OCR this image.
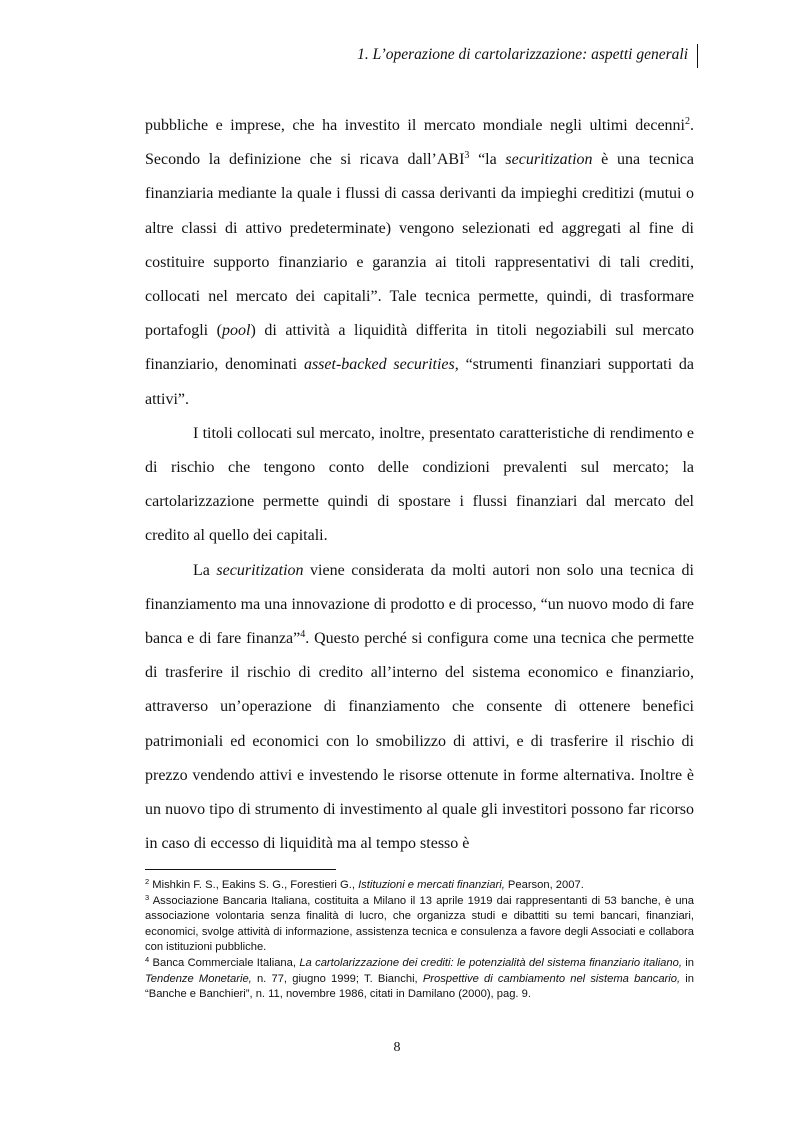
1. L’operazione di cartolarizzazione: aspetti generali

pubbliche e imprese, che ha investito il mercato mondiale negli ultimi decenni$^2$. Secondo la definizione che si ricava dall’ABI$^3$ “la securitization è una tecnica finanziaria mediante la quale i flussi di cassa derivanti da impieghi creditizi (mutui o altre classi di attivo predeterminate) vengono selezionati ed aggregati al fine di costituire supporto finanziario e garanzia ai titoli rappresentativi di tali crediti, collocati nel mercato dei capitali”. Tale tecnica permette, quindi, di trasformare portafogli (pool) di attività a liquidità differita in titoli negoziabili sul mercato finanziario, denominati asset-backed securities, “strumenti finanziari supportati da attivi”.

I titoli collocati sul mercato, inoltre, presentato caratteristiche di rendimento e di rischio che tengono conto delle condizioni prevalenti sul mercato; la cartolarizzazione permette quindi di spostare i flussi finanziari dal mercato del credito al quello dei capitali.

La securitization viene considerata da molti autori non solo una tecnica di finanziamento ma una innovazione di prodotto e di processo, “un nuovo modo di fare banca e di fare finanza”$^4$. Questo perché si configura come una tecnica che permette di trasferire il rischio di credito all’interno del sistema economico e finanziario, attraverso un’operazione di finanziamento che consente di ottenere benefici patrimoniali ed economici con lo smobilizzo di attivi, e di trasferire il rischio di prezzo vendendo attivi e investendo le risorse ottenute in forme alternativa. Inoltre è un nuovo tipo di strumento di investimento al quale gli investitori possono far ricorso in caso di eccesso di liquidità ma al tempo stesso è

$^2$ Mishkin F. S., Eakins S. G., Forestieri G., Istituzioni e mercati finanziari, Pearson, 2007.

$^3$ Associazione Bancaria Italiana, costituita a Milano il 13 aprile 1919 dai rappresentanti di 53 banche, è una associazione volontaria senza finalità di lucro, che organizza studi e dibattiti su temi bancari, finanziari, economici, svolge attività di informazione, assistenza tecnica e consulenza a favore degli Associati e collabora con istituzioni pubbliche.

$^4$ Banca Commerciale Italiana, La cartolarizzazione dei crediti: le potenzialità del sistema finanziario italiano, in Tendenze Monetarie, n. 77, giugno 1999; T. Bianchi, Prospettive di cambiamento nel sistema bancario, in “Banche e Banchieri”, n. 11, novembre 1986, citati in Damilano (2000), pag. 9.

8
